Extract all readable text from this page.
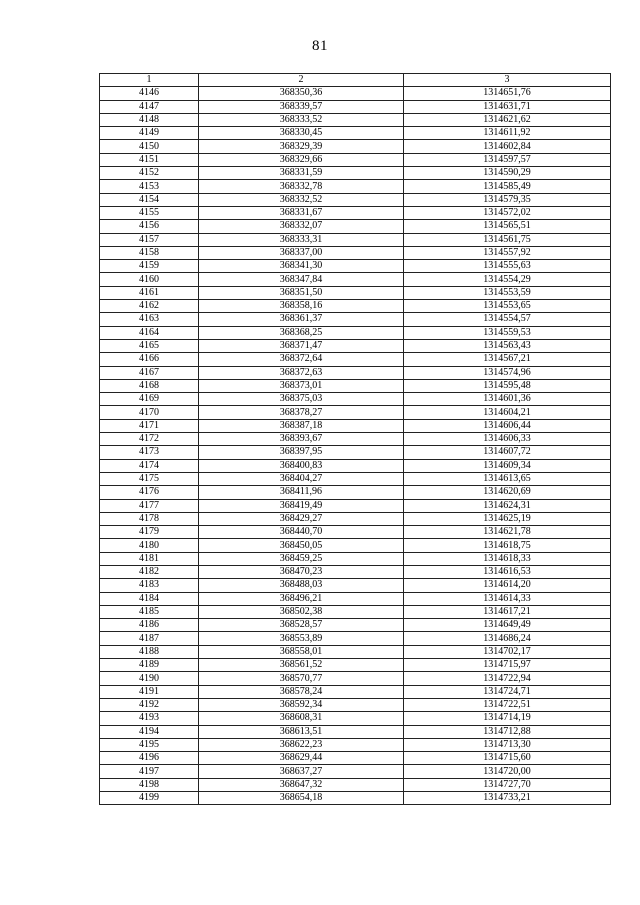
81
1	2	3
4146	368350,36	1314651,76
4147	368339,57	1314631,71
4148	368333,52	1314621,62
4149	368330,45	1314611,92
4150	368329,39	1314602,84
4151	368329,66	1314597,57
4152	368331,59	1314590,29
4153	368332,78	1314585,49
4154	368332,52	1314579,35
4155	368331,67	1314572,02
4156	368332,07	1314565,51
4157	368333,31	1314561,75
4158	368337,00	1314557,92
4159	368341,30	1314555,63
4160	368347,84	1314554,29
4161	368351,50	1314553,59
4162	368358,16	1314553,65
4163	368361,37	1314554,57
4164	368368,25	1314559,53
4165	368371,47	1314563,43
4166	368372,64	1314567,21
4167	368372,63	1314574,96
4168	368373,01	1314595,48
4169	368375,03	1314601,36
4170	368378,27	1314604,21
4171	368387,18	1314606,44
4172	368393,67	1314606,33
4173	368397,95	1314607,72
4174	368400,83	1314609,34
4175	368404,27	1314613,65
4176	368411,96	1314620,69
4177	368419,49	1314624,31
4178	368429,27	1314625,19
4179	368440,70	1314621,78
4180	368450,05	1314618,75
4181	368459,25	1314618,33
4182	368470,23	1314616,53
4183	368488,03	1314614,20
4184	368496,21	1314614,33
4185	368502,38	1314617,21
4186	368528,57	1314649,49
4187	368553,89	1314686,24
4188	368558,01	1314702,17
4189	368561,52	1314715,97
4190	368570,77	1314722,94
4191	368578,24	1314724,71
4192	368592,34	1314722,51
4193	368608,31	1314714,19
4194	368613,51	1314712,88
4195	368622,23	1314713,30
4196	368629,44	1314715,60
4197	368637,27	1314720,00
4198	368647,32	1314727,70
4199	368654,18	1314733,21
